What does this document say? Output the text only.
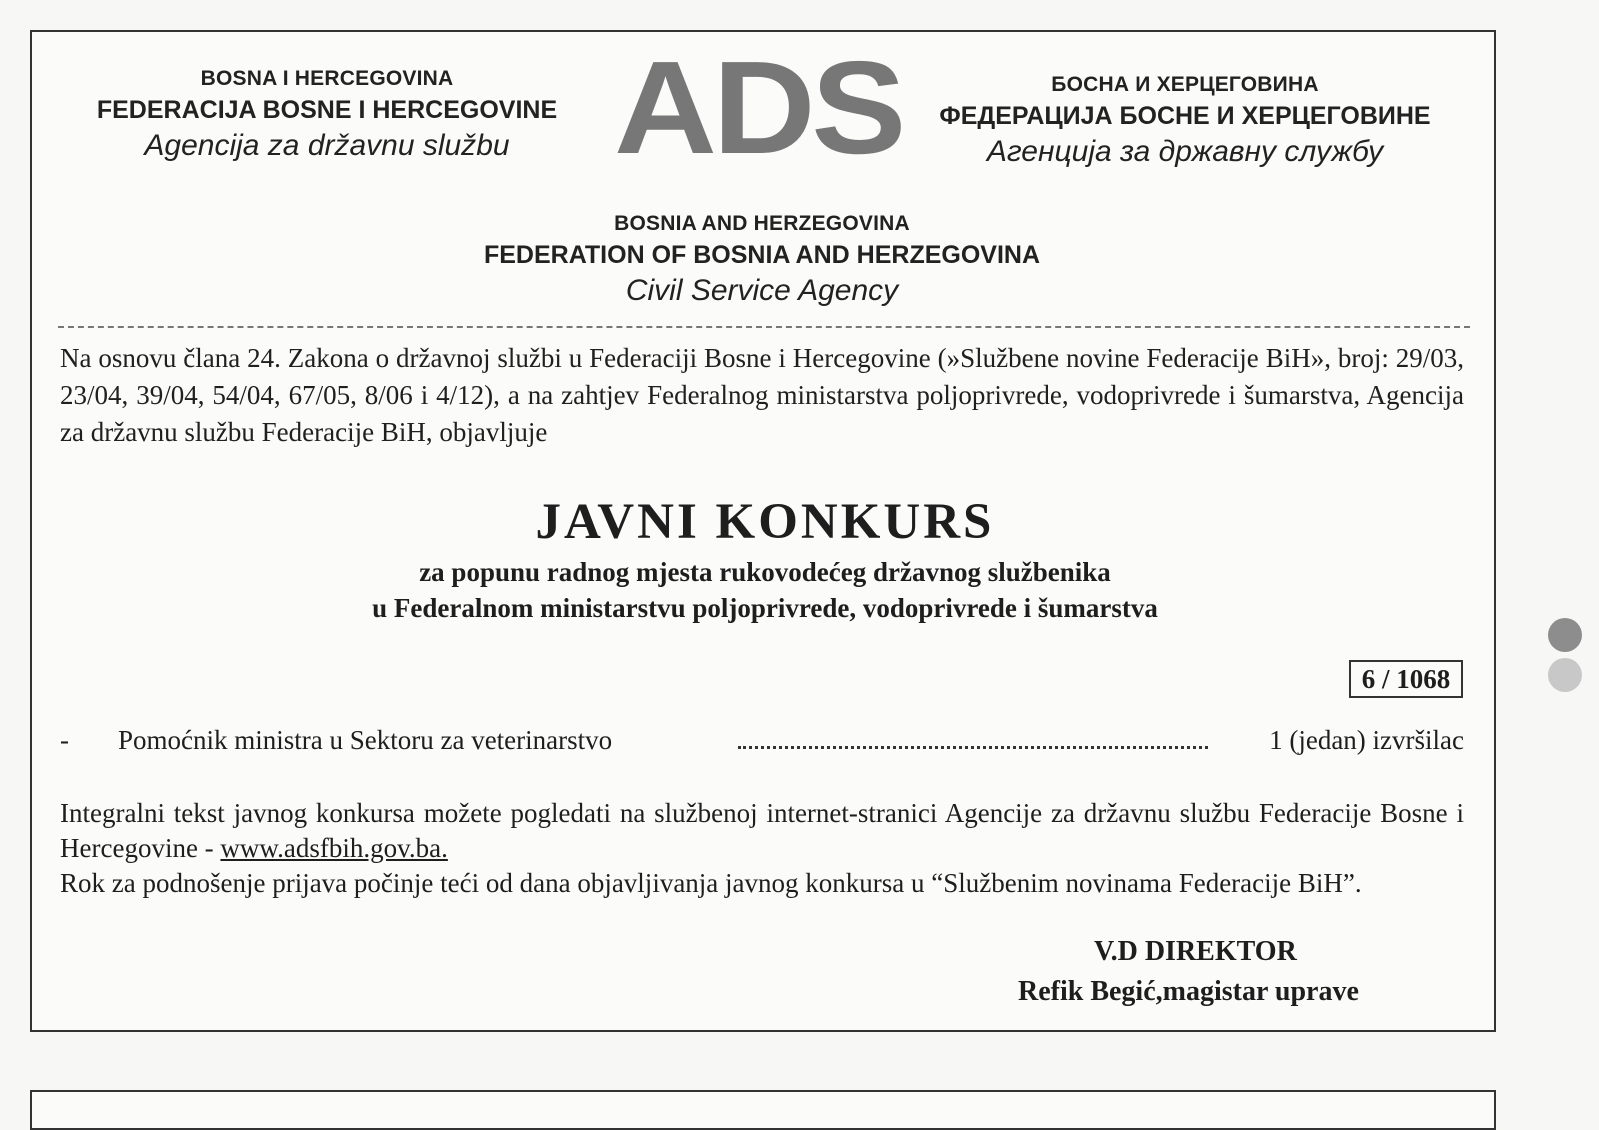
BOSNA I HERCEGOVINA
FEDERACIJA BOSNE I HERCEGOVINE
Agencija za državnu službu ADS	БОСНА И ХЕРЦЕГОВИНА
ФЕДЕРАЦИЈА БОСНЕ И ХЕРЦЕГОВИНЕ
Агенција за државну службу
BOSNIA AND HERZEGOVINA
FEDERATION OF BOSNIA AND HERZEGOVINA
Civil Service Agency
Na osnovu člana 24. Zakona o državnoj službi u Federaciji Bosne i Hercegovine (»Službene novine Federacije BiH», broj: 29/03, 23/04, 39/04, 54/04, 67/05, 8/06 i 4/12), a na zahtjev Federalnog ministarstva poljoprivrede, vodoprivrede i šumarstva, Agencija za državnu službu Federacije BiH, objavljuje
JAVNI KONKURS
za popunu radnog mjesta rukovodećeg državnog službenika
u Federalnom ministarstvu poljoprivrede, vodoprivrede i šumarstva
6 / 1068
- Pomoćnik ministra u Sektoru za veterinarstvo	1 (jedan) izvršilac
Integralni tekst javnog konkursa možete pogledati na službenoj internet-stranici Agencije za državnu službu Federacije Bosne i Hercegovine - www.adsfbih.gov.ba.
Rok za podnošenje prijava počinje teći od dana objavljivanja javnog konkursa u “Službenim novinama Federacije BiH”.
V.D DIREKTOR
Refik Begić,magistar uprave
